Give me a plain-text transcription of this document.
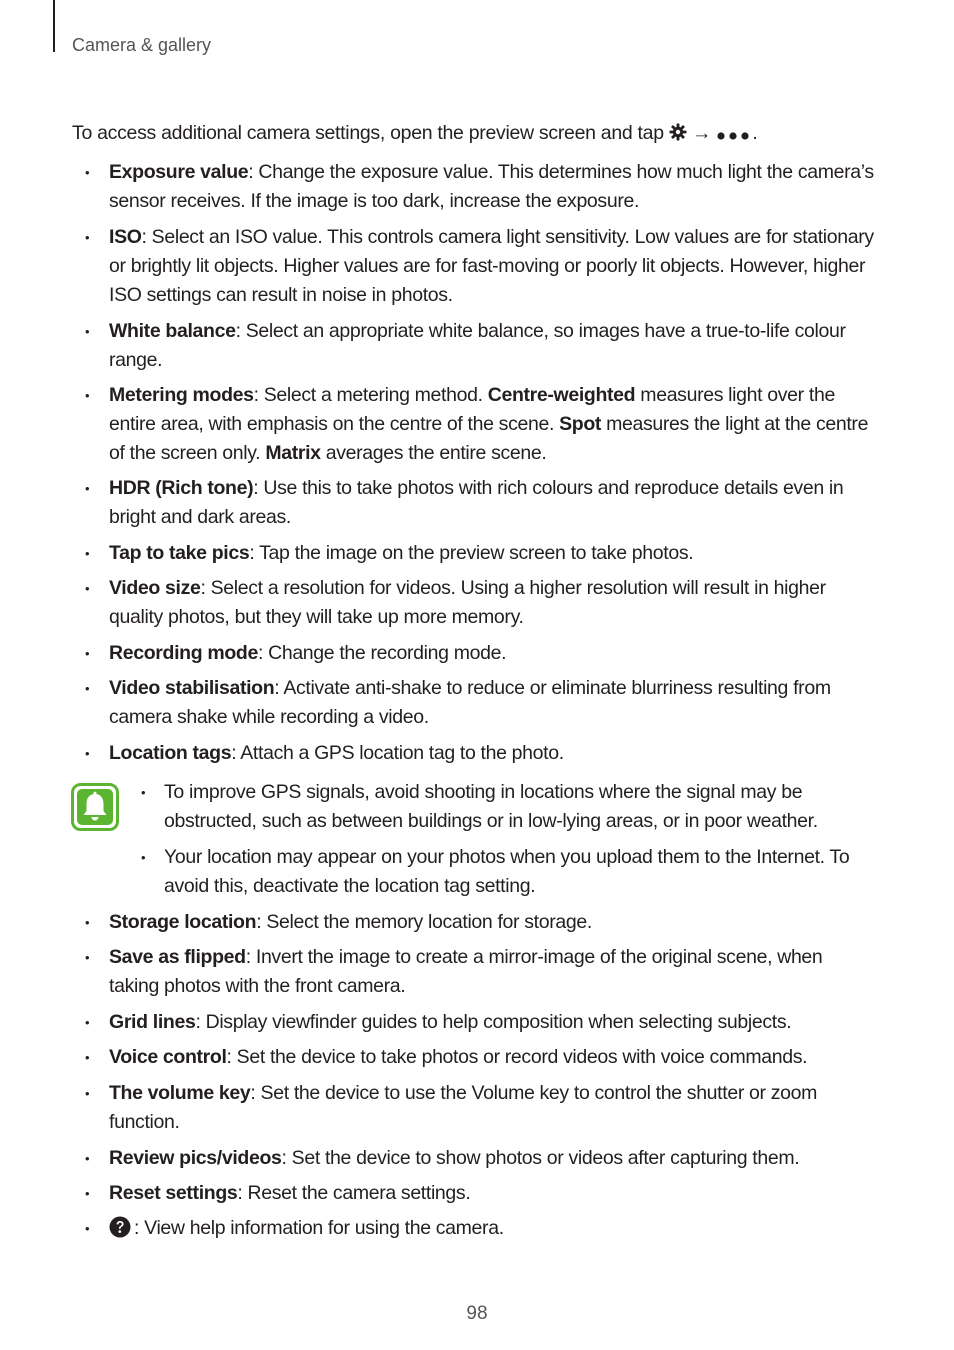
Camera & gallery
To access additional camera settings, open the preview screen and tap → .
• Exposure value: Change the exposure value. This determines how much light the camera’s sensor receives. If the image is too dark, increase the exposure.
• ISO: Select an ISO value. This controls camera light sensitivity. Low values are for stationary or brightly lit objects. Higher values are for fast-moving or poorly lit objects. However, higher ISO settings can result in noise in photos.
• White balance: Select an appropriate white balance, so images have a true-to-life colour range.
• Metering modes: Select a metering method. Centre-weighted measures light over the entire area, with emphasis on the centre of the scene. Spot measures the light at the centre of the screen only. Matrix averages the entire scene.
• HDR (Rich tone): Use this to take photos with rich colours and reproduce details even in bright and dark areas.
• Tap to take pics: Tap the image on the preview screen to take photos.
• Video size: Select a resolution for videos. Using a higher resolution will result in higher quality photos, but they will take up more memory.
• Recording mode: Change the recording mode.
• Video stabilisation: Activate anti-shake to reduce or eliminate blurriness resulting from camera shake while recording a video.
• Location tags: Attach a GPS location tag to the photo.
• To improve GPS signals, avoid shooting in locations where the signal may be obstructed, such as between buildings or in low-lying areas, or in poor weather.
• Your location may appear on your photos when you upload them to the Internet. To avoid this, deactivate the location tag setting.
• Storage location: Select the memory location for storage.
• Save as flipped: Invert the image to create a mirror-image of the original scene, when taking photos with the front camera.
• Grid lines: Display viewfinder guides to help composition when selecting subjects.
• Voice control: Set the device to take photos or record videos with voice commands.
• The volume key: Set the device to use the Volume key to control the shutter or zoom function.
• Review pics/videos: Set the device to show photos or videos after capturing them.
• Reset settings: Reset the camera settings.
• : View help information for using the camera.
98
